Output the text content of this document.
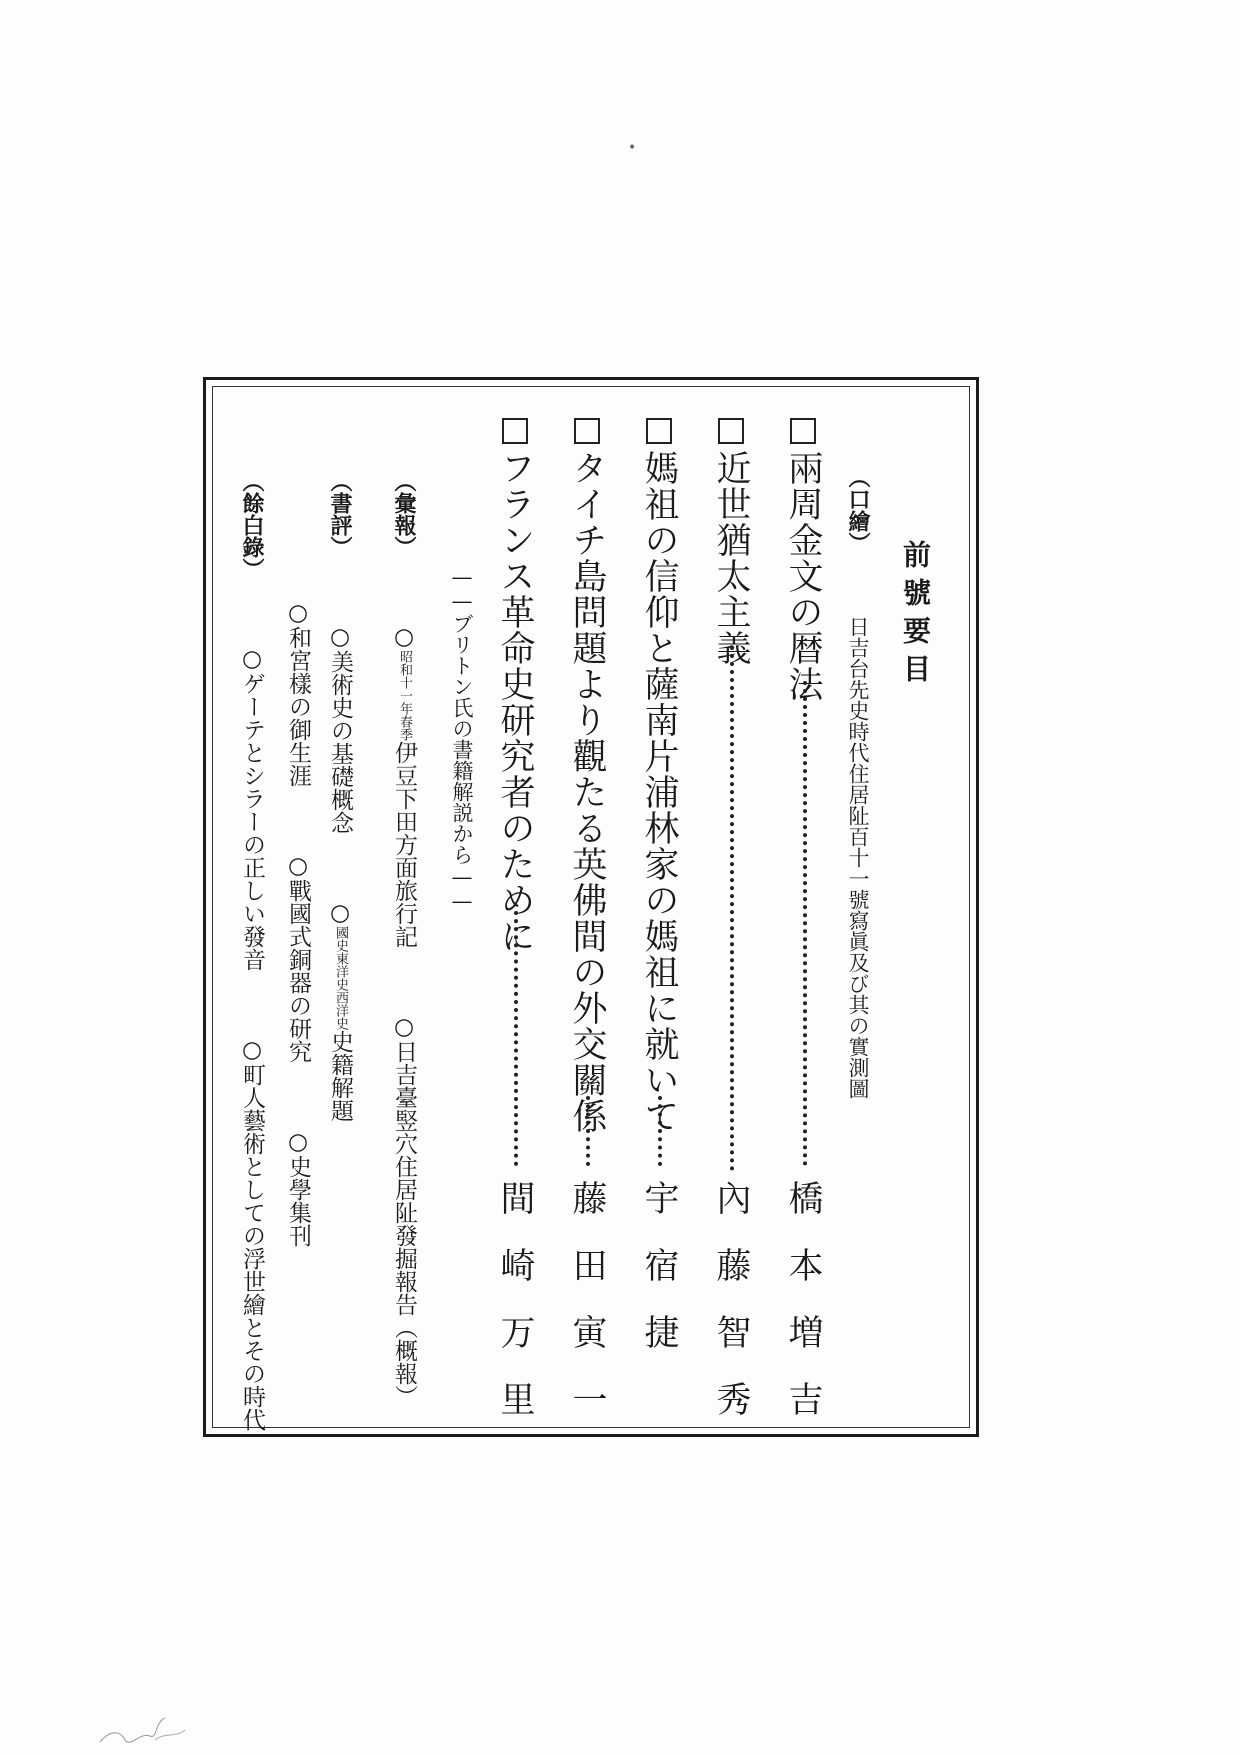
前號要目
（口繪）  日吉台先史時代住居阯百十一號寫眞及び其の實測圖
兩周金文の暦法
橋本増吉
近世猶太主義
內藤智秀
媽祖の信仰と薩南片浦林家の媽祖に就いて
宇宿捷
タイチ島問題より觀たる英佛間の外交關係
藤田寅一
フランス革命史研究者のために
間崎万里
——ブリトン氏の書籍解説から——
（彙報）  ○昭和十一年春季伊豆下田方面旅行記  ○日吉臺竪穴住居阯發掘報告（概報）
（書評）  ○美術史の基礎概念  ○國史東洋史西洋史史籍解題
○和宮樣の御生涯  ○戰國式銅器の研究  ○史學集刊
（餘白錄）  ○ゲーテとシラーの正しい發音  ○町人藝術としての浮世繪とその時代
•
